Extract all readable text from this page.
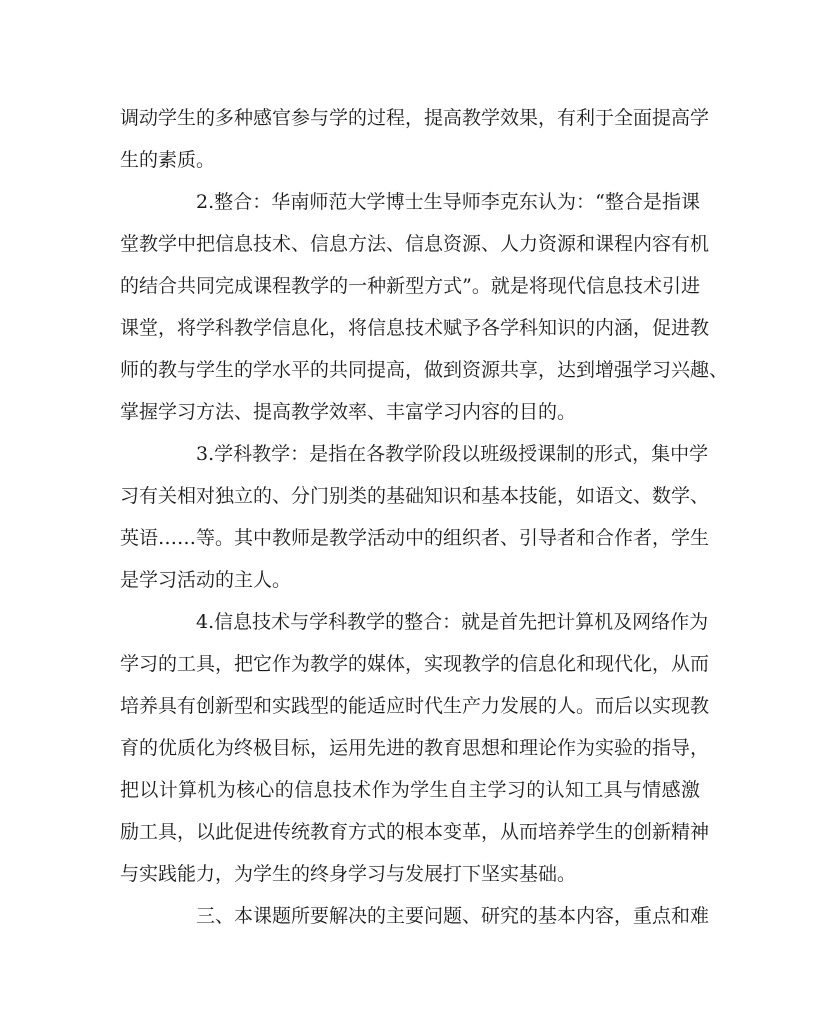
调动学生的多种感官参与学的过程，提高教学效果，有利于全面提高学
生的素质。
2.整合：华南师范大学博士生导师李克东认为：“整合是指课
堂教学中把信息技术、信息方法、信息资源、人力资源和课程内容有机
的结合共同完成课程教学的一种新型方式”。就是将现代信息技术引进
课堂，将学科教学信息化，将信息技术赋予各学科知识的内涵，促进教
师的教与学生的学水平的共同提高，做到资源共享，达到增强学习兴趣、
掌握学习方法、提高教学效率、丰富学习内容的目的。
3.学科教学：是指在各教学阶段以班级授课制的形式，集中学
习有关相对独立的、分门别类的基础知识和基本技能，如语文、数学、
英语……等。其中教师是教学活动中的组织者、引导者和合作者，学生
是学习活动的主人。
4.信息技术与学科教学的整合：就是首先把计算机及网络作为
学习的工具，把它作为教学的媒体，实现教学的信息化和现代化，从而
培养具有创新型和实践型的能适应时代生产力发展的人。而后以实现教
育的优质化为终极目标，运用先进的教育思想和理论作为实验的指导，
把以计算机为核心的信息技术作为学生自主学习的认知工具与情感激
励工具，以此促进传统教育方式的根本变革，从而培养学生的创新精神
与实践能力，为学生的终身学习与发展打下坚实基础。
三、本课题所要解决的主要问题、研究的基本内容，重点和难
